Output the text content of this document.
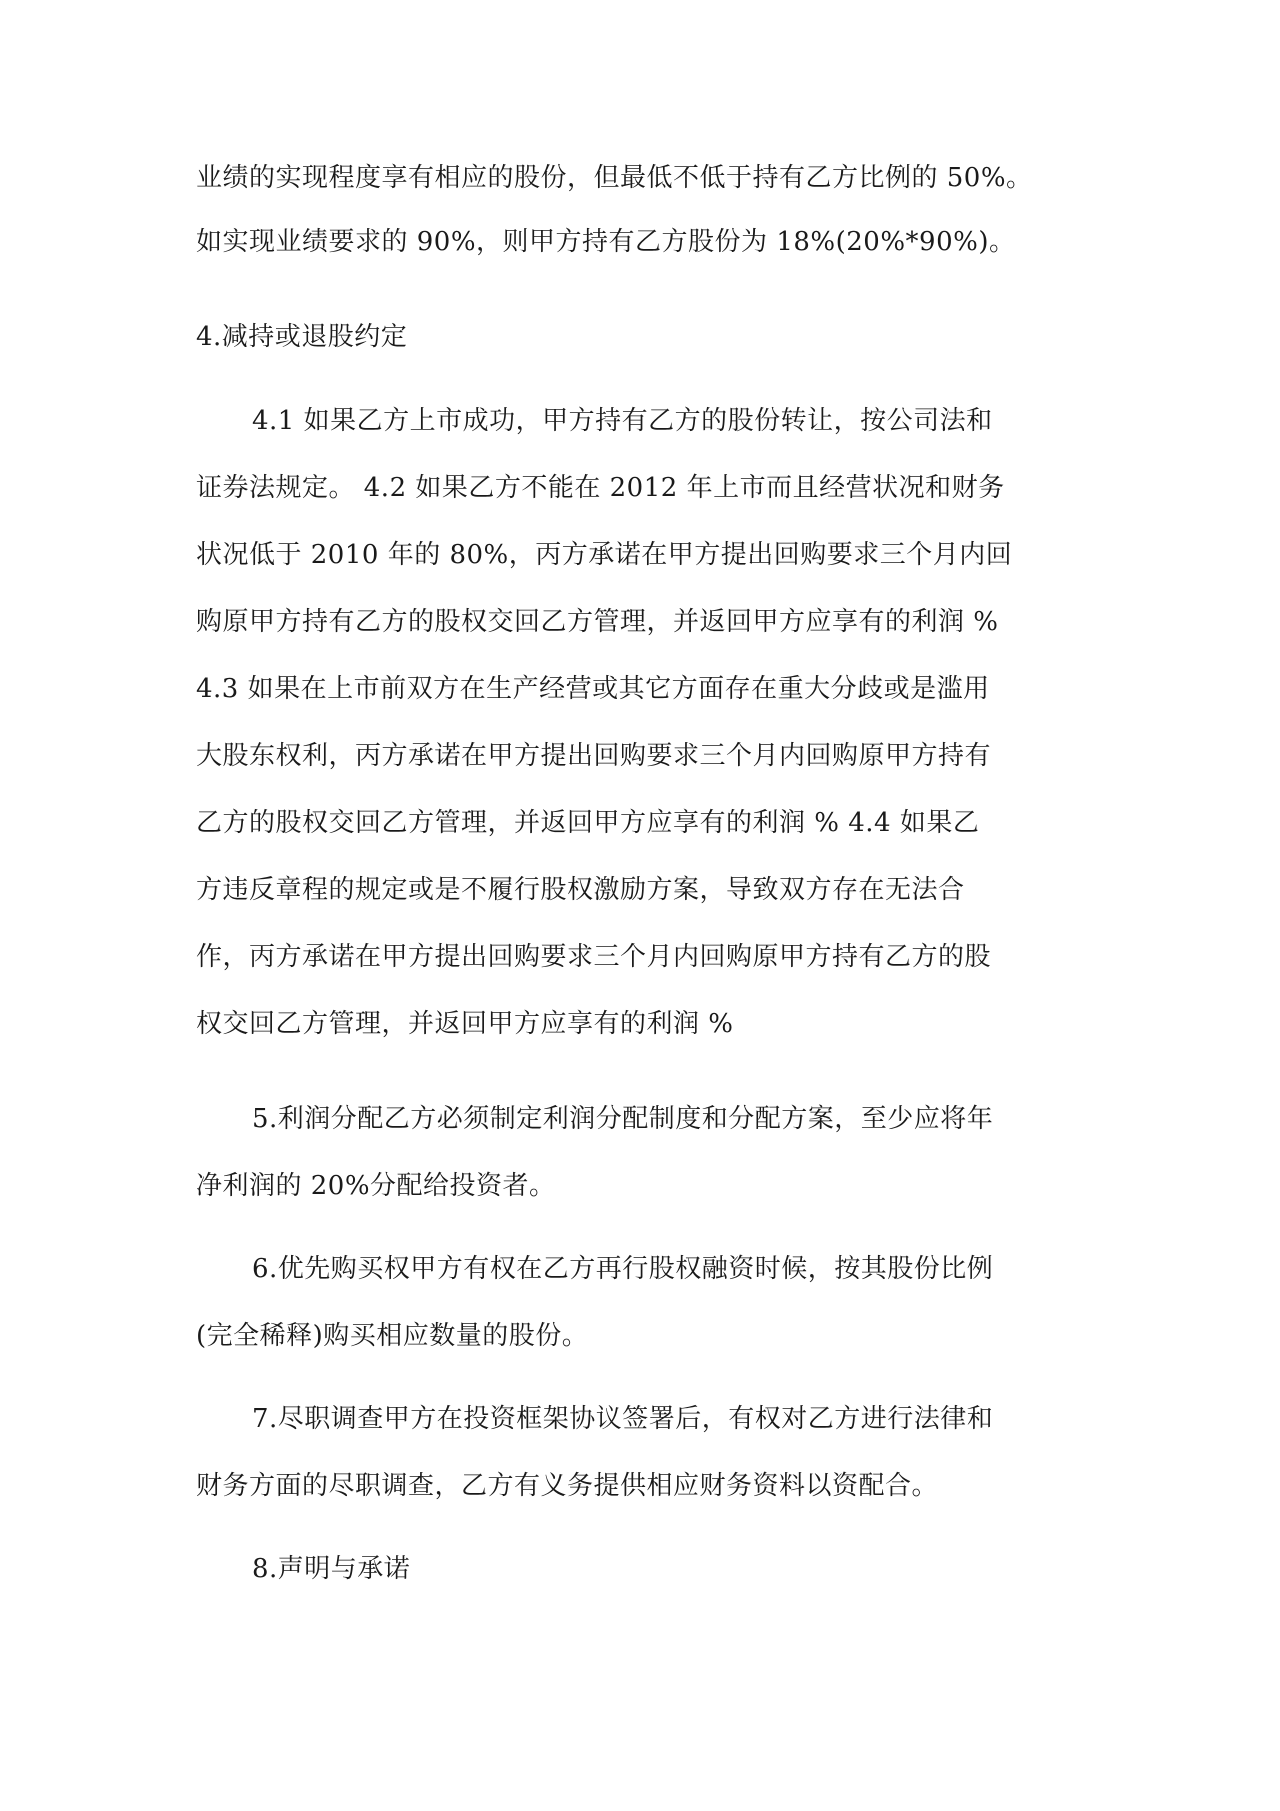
业绩的实现程度享有相应的股份，但最低不低于持有乙方比例的 50%。
如实现业绩要求的 90%，则甲方持有乙方股份为 18%(20%*90%)。
4.减持或退股约定
4.1 如果乙方上市成功，甲方持有乙方的股份转让，按公司法和
证券法规定。 4.2 如果乙方不能在 2012 年上市而且经营状况和财务
状况低于 2010 年的 80%，丙方承诺在甲方提出回购要求三个月内回
购原甲方持有乙方的股权交回乙方管理，并返回甲方应享有的利润 %
4.3 如果在上市前双方在生产经营或其它方面存在重大分歧或是滥用
大股东权利，丙方承诺在甲方提出回购要求三个月内回购原甲方持有
乙方的股权交回乙方管理，并返回甲方应享有的利润 % 4.4 如果乙
方违反章程的规定或是不履行股权激励方案，导致双方存在无法合
作，丙方承诺在甲方提出回购要求三个月内回购原甲方持有乙方的股
权交回乙方管理，并返回甲方应享有的利润 %
5.利润分配乙方必须制定利润分配制度和分配方案，至少应将年
净利润的 20%分配给投资者。
6.优先购买权甲方有权在乙方再行股权融资时候，按其股份比例
(完全稀释)购买相应数量的股份。
7.尽职调查甲方在投资框架协议签署后，有权对乙方进行法律和
财务方面的尽职调查，乙方有义务提供相应财务资料以资配合。
8.声明与承诺
